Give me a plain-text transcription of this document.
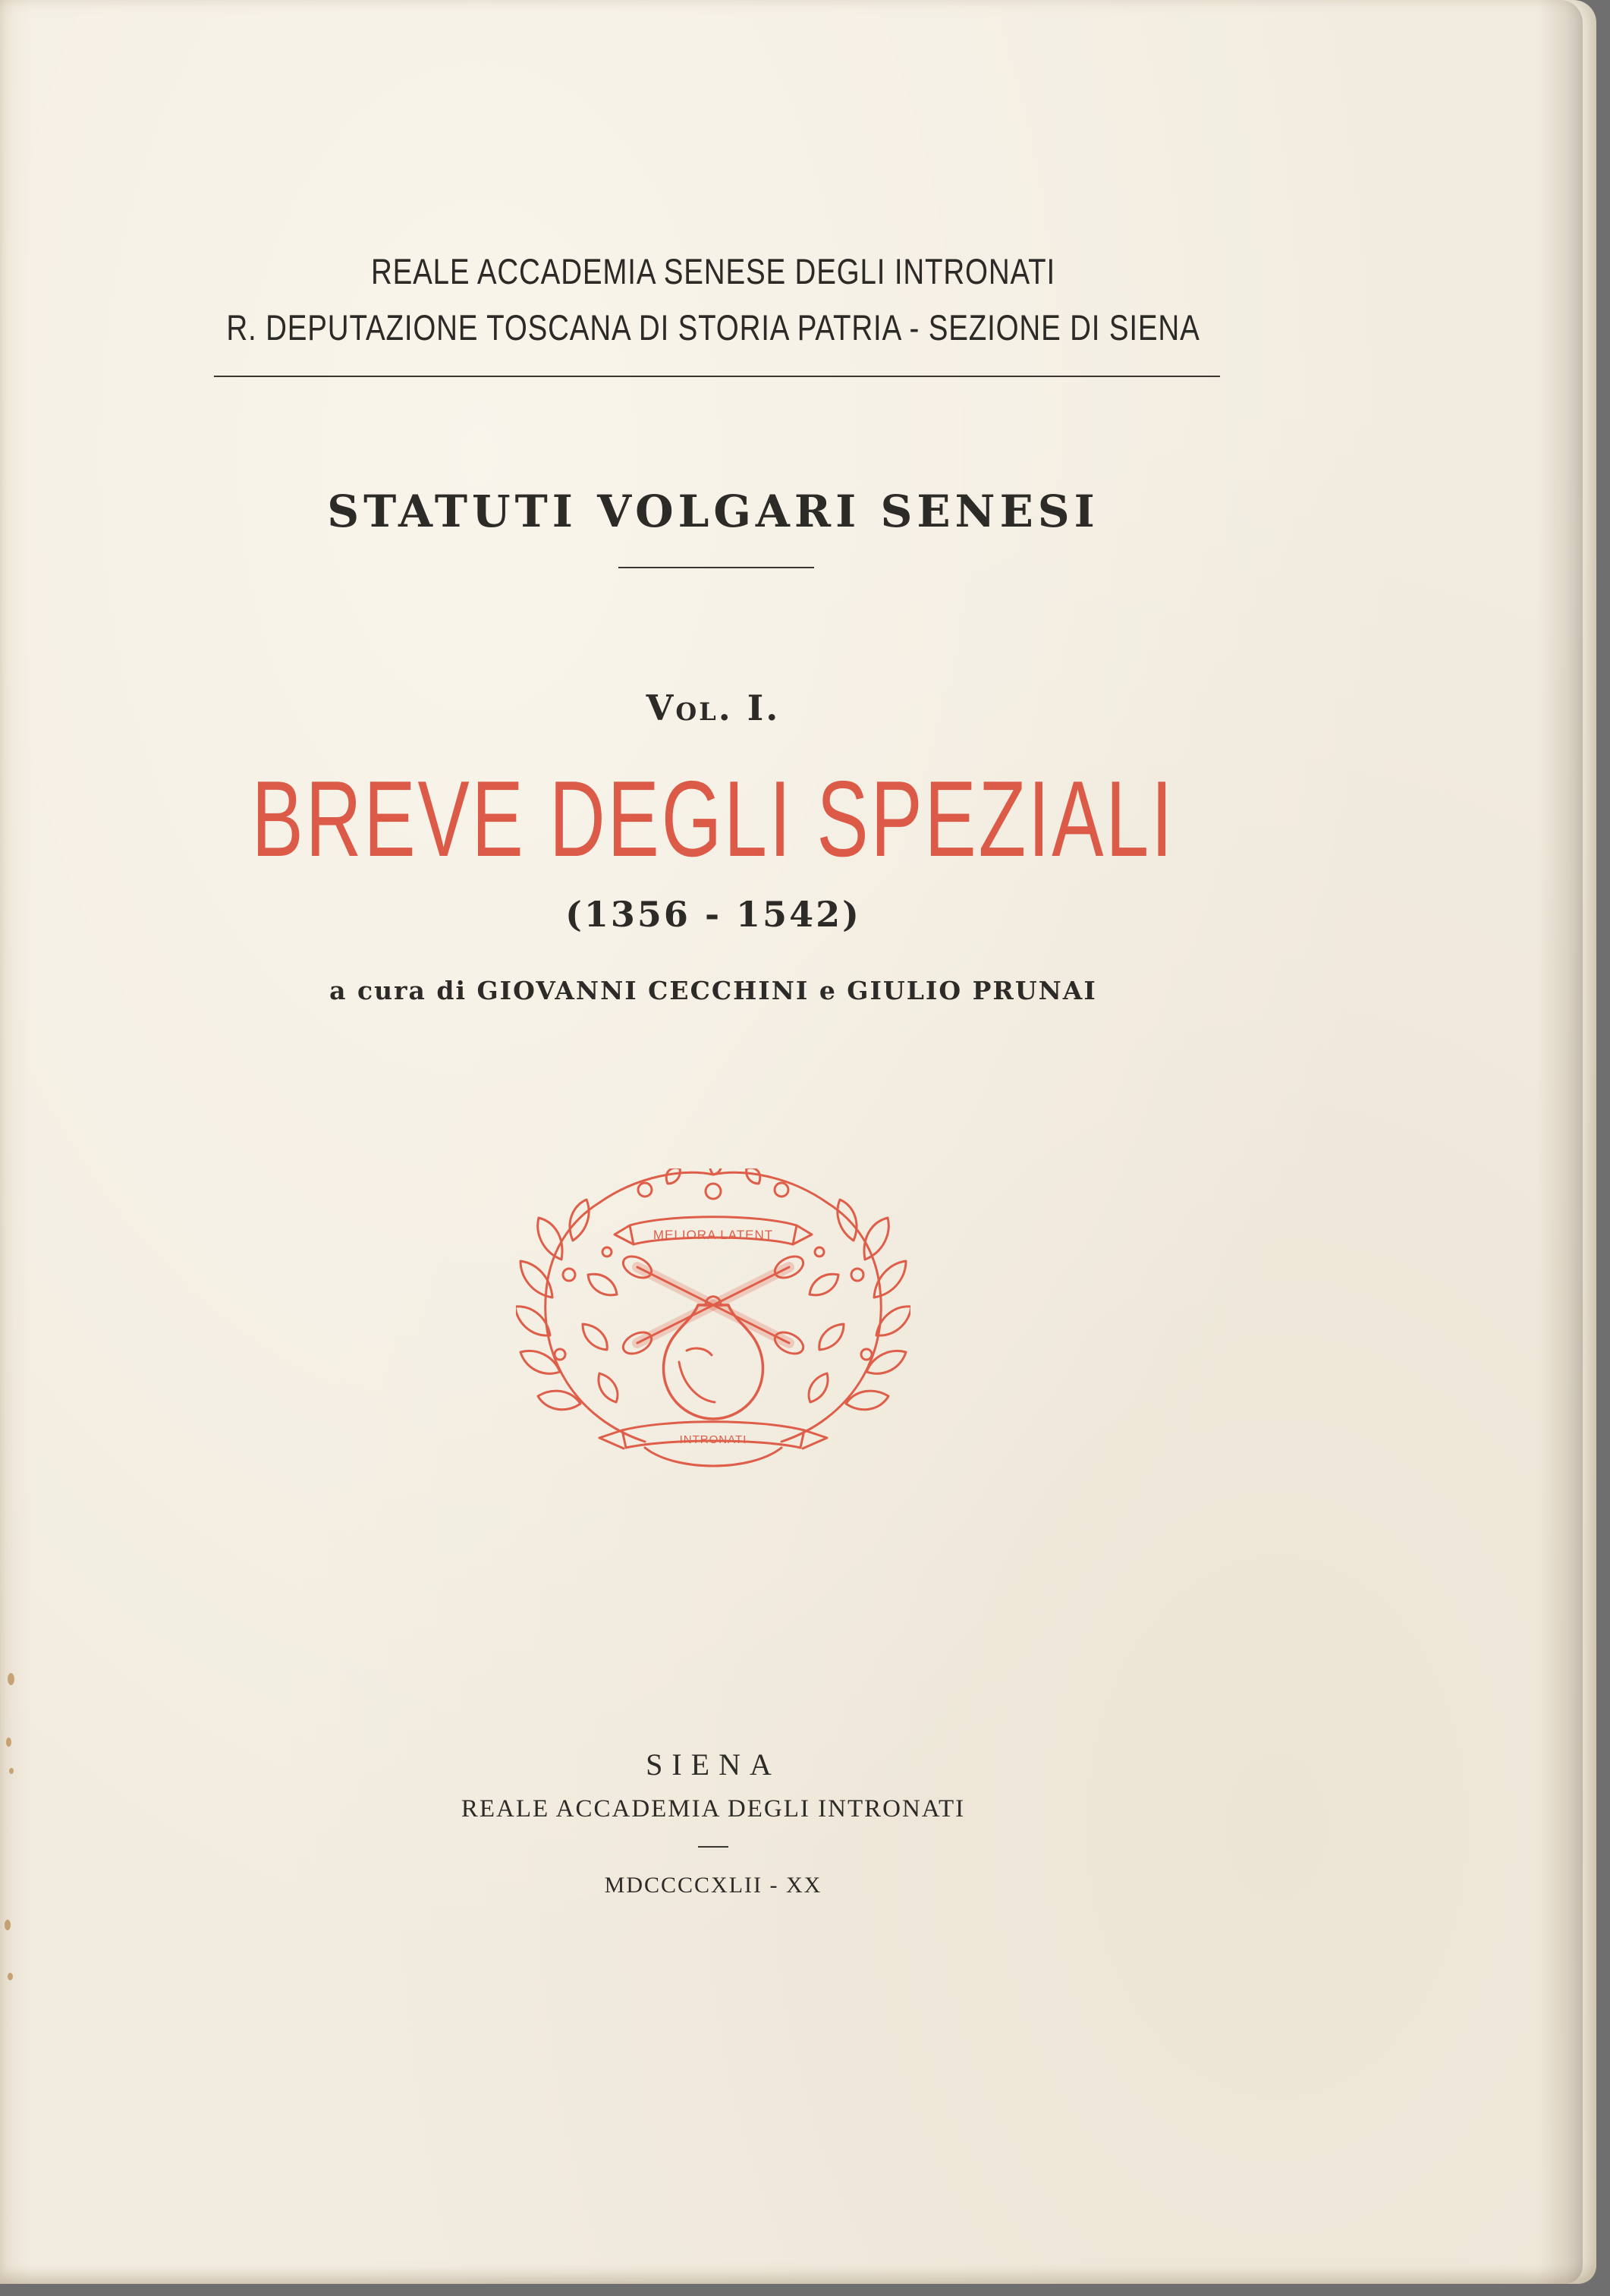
REALE ACCADEMIA SENESE DEGLI INTRONATI
R. DEPUTAZIONE TOSCANA DI STORIA PATRIA - SEZIONE DI SIENA
STATUTI VOLGARI SENESI
Vol. I.
BREVE DEGLI SPEZIALI
(1356 - 1542)
a cura di GIOVANNI CECCHINI e GIULIO PRUNAI
MELIORA LATENT
INTRONATI
SIENA
REALE ACCADEMIA DEGLI INTRONATI
MDCCCCXLII - XX
